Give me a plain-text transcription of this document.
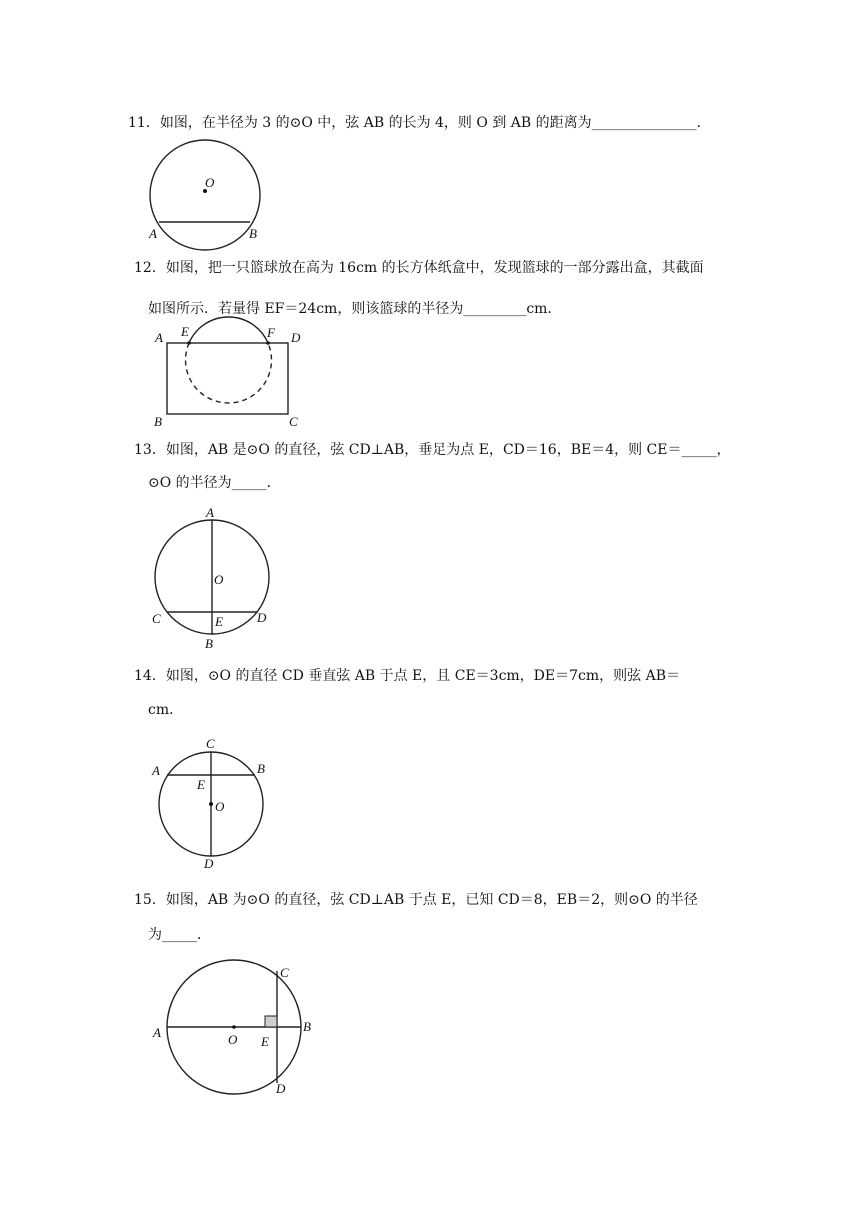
11．如图，在半径为 3 的⊙O 中，弦 AB 的长为 4，则 O 到 AB 的距离为_______________．
O
A	B
12．如图，把一只篮球放在高为 16cm 的长方体纸盒中，发现篮球的一部分露出盒，其截面
如图所示．若量得 EF＝24cm，则该篮球的半径为_________cm．
A E	F D
B	C
13．如图，AB 是⊙O 的直径，弦 CD⊥AB，垂足为点 E，CD＝16，BE＝4，则 CE＝_____，
⊙O 的半径为_____．
A
O
C	E	D
B
14．如图，⊙O 的直径 CD 垂直弦 AB 于点 E，且 CE＝3cm，DE＝7cm，则弦 AB＝
cm．
C
A	B
E
O
D
15．如图，AB 为⊙O 的直径，弦 CD⊥AB 于点 E，已知 CD＝8，EB＝2，则⊙O 的半径
为_____．
C
A	O E
B
D
